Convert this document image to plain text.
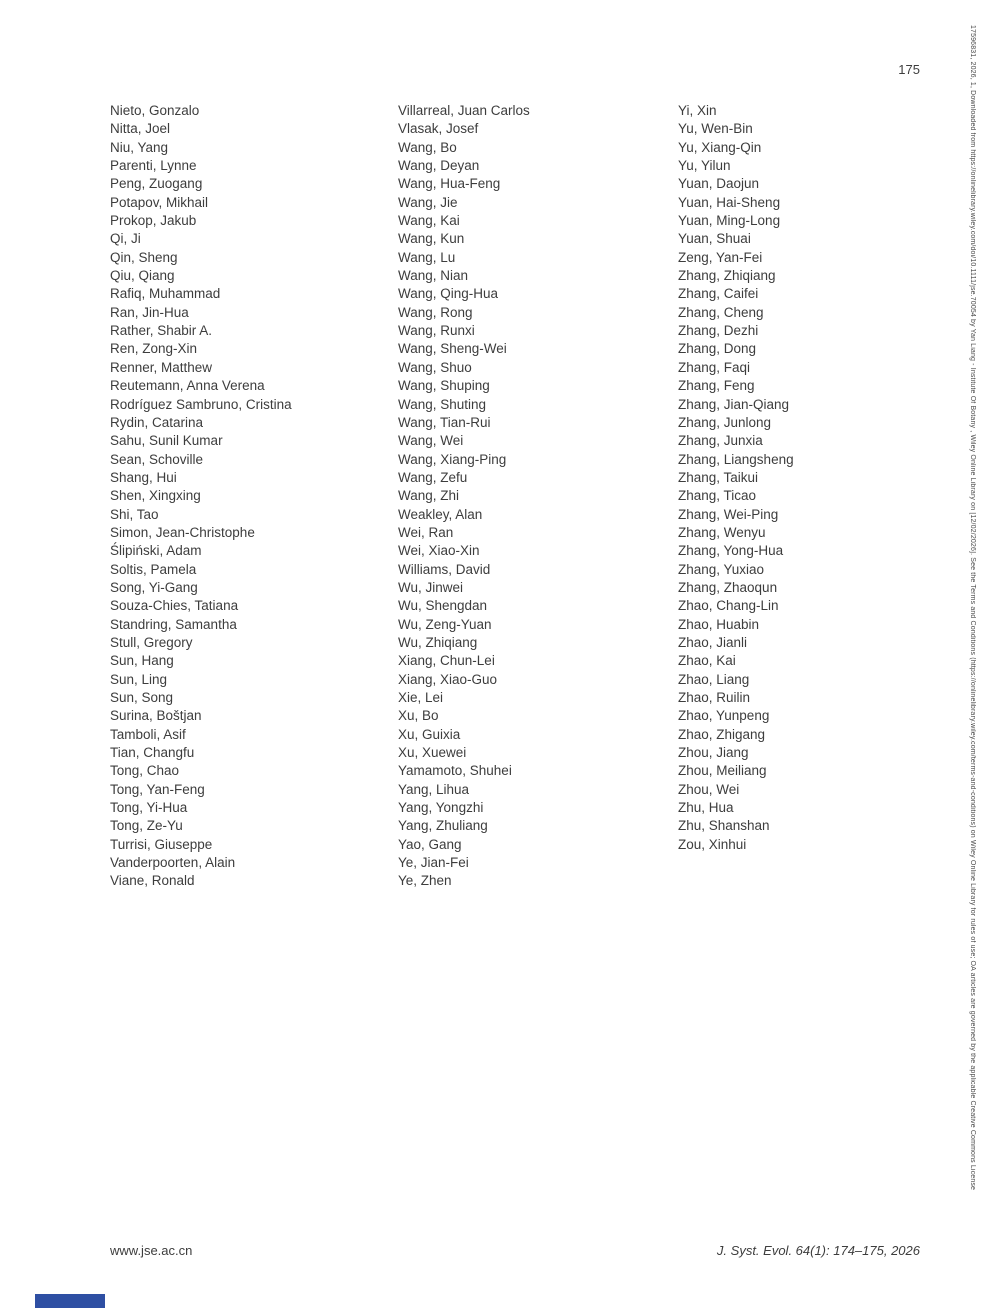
175
Nieto, Gonzalo
Nitta, Joel
Niu, Yang
Parenti, Lynne
Peng, Zuogang
Potapov, Mikhail
Prokop, Jakub
Qi, Ji
Qin, Sheng
Qiu, Qiang
Rafiq, Muhammad
Ran, Jin-Hua
Rather, Shabir A.
Ren, Zong-Xin
Renner, Matthew
Reutemann, Anna Verena
Rodríguez Sambruno, Cristina
Rydin, Catarina
Sahu, Sunil Kumar
Sean, Schoville
Shang, Hui
Shen, Xingxing
Shi, Tao
Simon, Jean-Christophe
Ślipiński, Adam
Soltis, Pamela
Song, Yi-Gang
Souza-Chies, Tatiana
Standring, Samantha
Stull, Gregory
Sun, Hang
Sun, Ling
Sun, Song
Surina, Boštjan
Tamboli, Asif
Tian, Changfu
Tong, Chao
Tong, Yan-Feng
Tong, Yi-Hua
Tong, Ze-Yu
Turrisi, Giuseppe
Vanderpoorten, Alain
Viane, Ronald
Villarreal, Juan Carlos
Vlasak, Josef
Wang, Bo
Wang, Deyan
Wang, Hua-Feng
Wang, Jie
Wang, Kai
Wang, Kun
Wang, Lu
Wang, Nian
Wang, Qing-Hua
Wang, Rong
Wang, Runxi
Wang, Sheng-Wei
Wang, Shuo
Wang, Shuping
Wang, Shuting
Wang, Tian-Rui
Wang, Wei
Wang, Xiang-Ping
Wang, Zefu
Wang, Zhi
Weakley, Alan
Wei, Ran
Wei, Xiao-Xin
Williams, David
Wu, Jinwei
Wu, Shengdan
Wu, Zeng-Yuan
Wu, Zhiqiang
Xiang, Chun-Lei
Xiang, Xiao-Guo
Xie, Lei
Xu, Bo
Xu, Guixia
Xu, Xuewei
Yamamoto, Shuhei
Yang, Lihua
Yang, Yongzhi
Yang, Zhuliang
Yao, Gang
Ye, Jian-Fei
Ye, Zhen
Yi, Xin
Yu, Wen-Bin
Yu, Xiang-Qin
Yu, Yilun
Yuan, Daojun
Yuan, Hai-Sheng
Yuan, Ming-Long
Yuan, Shuai
Zeng, Yan-Fei
Zhang, Zhiqiang
Zhang, Caifei
Zhang, Cheng
Zhang, Dezhi
Zhang, Dong
Zhang, Faqi
Zhang, Feng
Zhang, Jian-Qiang
Zhang, Junlong
Zhang, Junxia
Zhang, Liangsheng
Zhang, Taikui
Zhang, Ticao
Zhang, Wei-Ping
Zhang, Wenyu
Zhang, Yong-Hua
Zhang, Yuxiao
Zhang, Zhaoqun
Zhao, Chang-Lin
Zhao, Huabin
Zhao, Jianli
Zhao, Kai
Zhao, Liang
Zhao, Ruilin
Zhao, Yunpeng
Zhao, Zhigang
Zhou, Jiang
Zhou, Meiliang
Zhou, Wei
Zhu, Hua
Zhu, Shanshan
Zou, Xinhui
www.jse.ac.cn	J. Syst. Evol. 64(1): 174–175, 2026
17596831, 2026, 1, Downloaded from https://onlinelibrary.wiley.com/doi/10.1111/jse.70054 by Yan Liang - Institute Of Botany , Wiley Online Library on [12/02/2026]. See the Terms and Conditions (https://onlinelibrary.wiley.com/terms-and-conditions) on Wiley Online Library for rules of use; OA articles are governed by the applicable Creative Commons License
